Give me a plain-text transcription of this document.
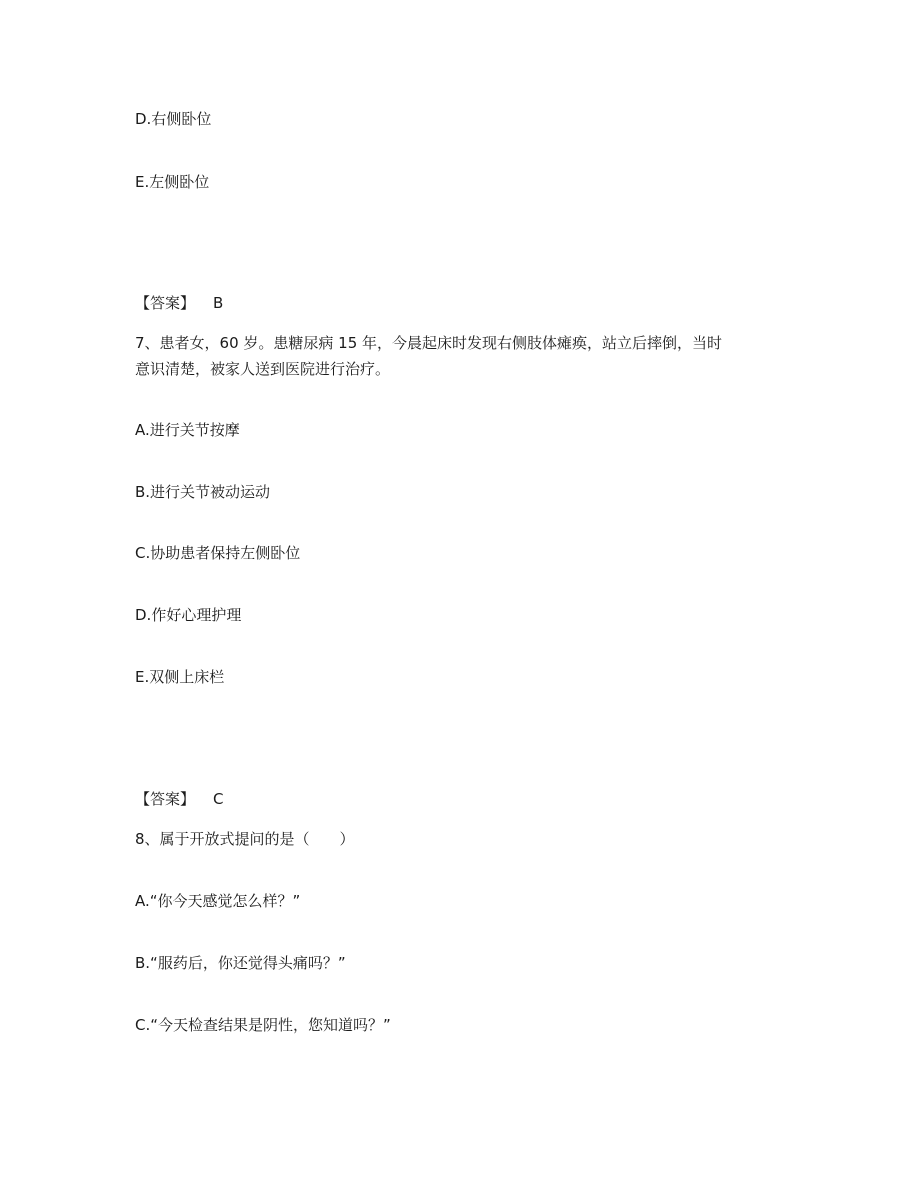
D.右侧卧位
E.左侧卧位
【答案】 B
7、患者女，60 岁。患糖尿病 15 年，今晨起床时发现右侧肢体瘫痪，站立后摔倒，当时
意识清楚，被家人送到医院进行治疗。
A.进行关节按摩
B.进行关节被动运动
C.协助患者保持左侧卧位
D.作好心理护理
E.双侧上床栏
【答案】 C
8、属于开放式提问的是（　　）
A.“你今天感觉怎么样？”
B.“服药后，你还觉得头痛吗？”
C.“今天检查结果是阴性，您知道吗？”
